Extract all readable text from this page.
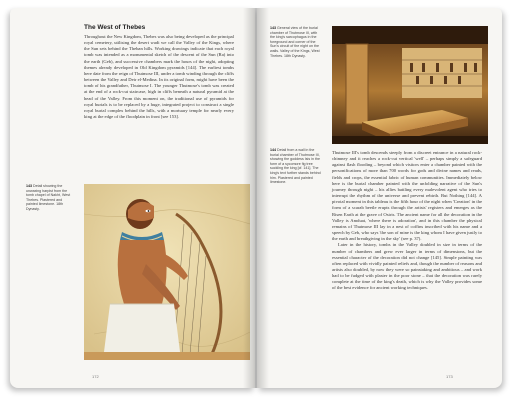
The West of Thebes

Throughout the New Kingdom, Thebes was also being developed as the principal royal cemetery, utilising the desert wadi we call the Valley of the Kings, where the Sun sets behind the Theban hills. Working drawings indicate that each royal tomb was intended as a monumental sketch of the descent of the Sun (Ra) into the earth (Geb), and successive chambers mark the hours of the night, adopting themes already developed in Old Kingdom pyramids [144]. The earliest tombs here date from the reign of Thutmose III, under a tomb winding through the cliffs between the Valley and Deir el-Medina. In its original form, might have been the tomb of his grandfather, Thutmose I. The younger Thutmose's tomb was created at the end of a rock-cut staircase, high in cliffs beneath a natural pyramid at the head of the Valley. From this moment on, the traditional use of pyramids for royal burials is to be replaced by a huge, integrated project to construct a single royal burial complex behind the hills, with a mortuary temple for nearly every king at the edge of the floodplain in front [see 153].

143 Detail showing the unwaxing harpist from the tomb chapel of Nakht, West Thebes. Plastered and painted limestone. 18th Dynasty.

172

143 General view of the burial chamber of Thutmose III, with the king's sarcophagus in the foreground and corner of the Sun's circuit of the night on the walls. Valley of the Kings, West Thebes. 18th Dynasty.

144 Detail from a wall in the burial chamber of Thutmose III, showing the goddess Isis in the form of a sycomore fig tree suckling the king [cf. 141]. The king's text further stands behind him. Plastered and painted limestone.

Thutmose III's tomb descends steeply from a discreet entrance in a natural rock-chimney and it reaches a rock-cut vertical 'well' – perhaps simply a safeguard against flash flooding – beyond which visitors enter a chamber painted with the personifications of more than 700 words for gods and divine names and reads, fields and crops, the essential fabric of human communities. Immediately below here is the burial chamber painted with the unfolding narrative of the Sun's journey through night – his allies battling every malevolent agent who tries to interrupt the rhythm of the universe and prevent rebirth. But Nothing [144]. A pivotal moment in this tableau is the fifth hour of the night when 'Creation' in the form of a scarab beetle erupts through the artists' registers and emerges as the Risen Earth at the grave of Osiris. The ancient name for all the decoration in the Valley is Amduat, 'where there is adoration', and in this chamber the physical remains of Thutmose III lay in a nest of coffins inscribed with his name and a speech by Geb, who says 'the son of mine is the king whom I have given justly to the earth and breathgiving in the sky' (see p. 37).

Later in the history, tombs in the Valley doubled in size in terms of the number of chambers and grew ever larger in terms of dimensions, but the essential character of the decoration did not change [145]. Simple painting was often replaced with vividly painted reliefs and, though the number of reasons and artists also doubled, by now they were so painstaking and ambitious – and work had to be fudged with plaster in the poor stone – that the decoration was rarely complete at the time of the king's death, which is why the Valley provides some of the best evidence for ancient working techniques.

173
